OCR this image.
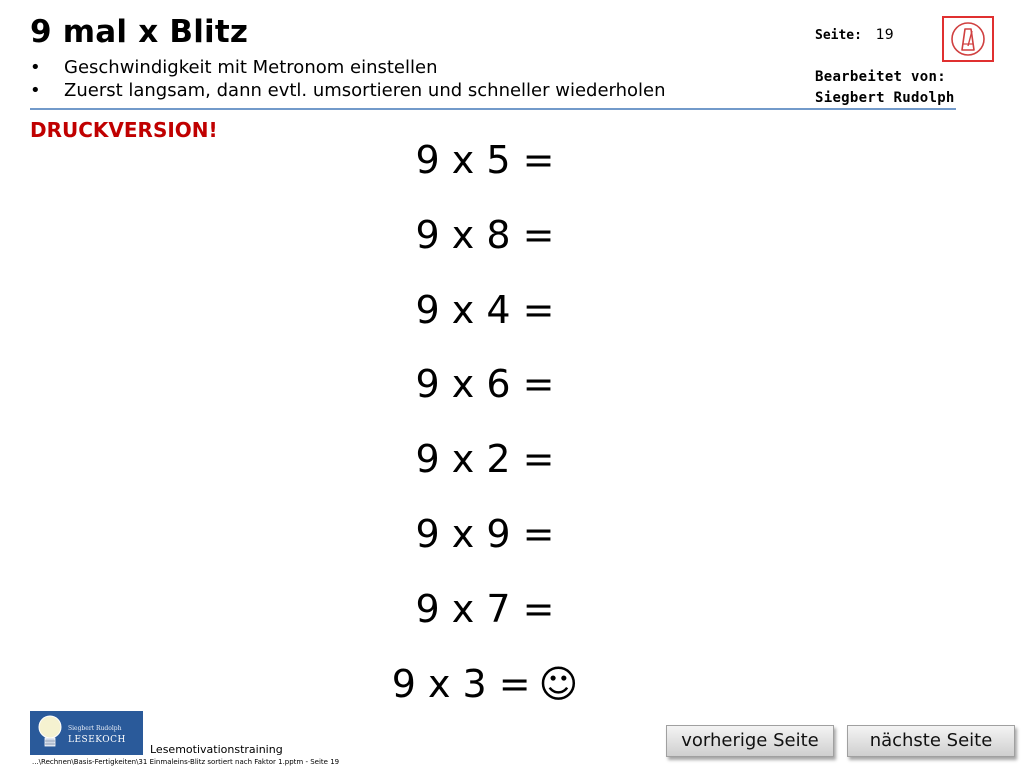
9 mal x Blitz
• Geschwindigkeit mit Metronom einstellen
• Zuerst langsam, dann evtl. umsortieren und schneller wiederholen
DRUCKVERSION!
Seite: 19
Bearbeitet von:
Siegbert Rudolph
9 x 5 =
9 x 8 =
9 x 4 =
9 x 6 =
9 x 2 =
9 x 9 =
9 x 7 =
9 x 3 = ☺
Siegbert Rudolph
LESEKOCH
Lesemotivationstraining
...\Rechnen\Basis-Fertigkeiten\31 Einmaleins-Blitz sortiert nach Faktor 1.pptm - Seite 19
vorherige Seite	nächste Seite
